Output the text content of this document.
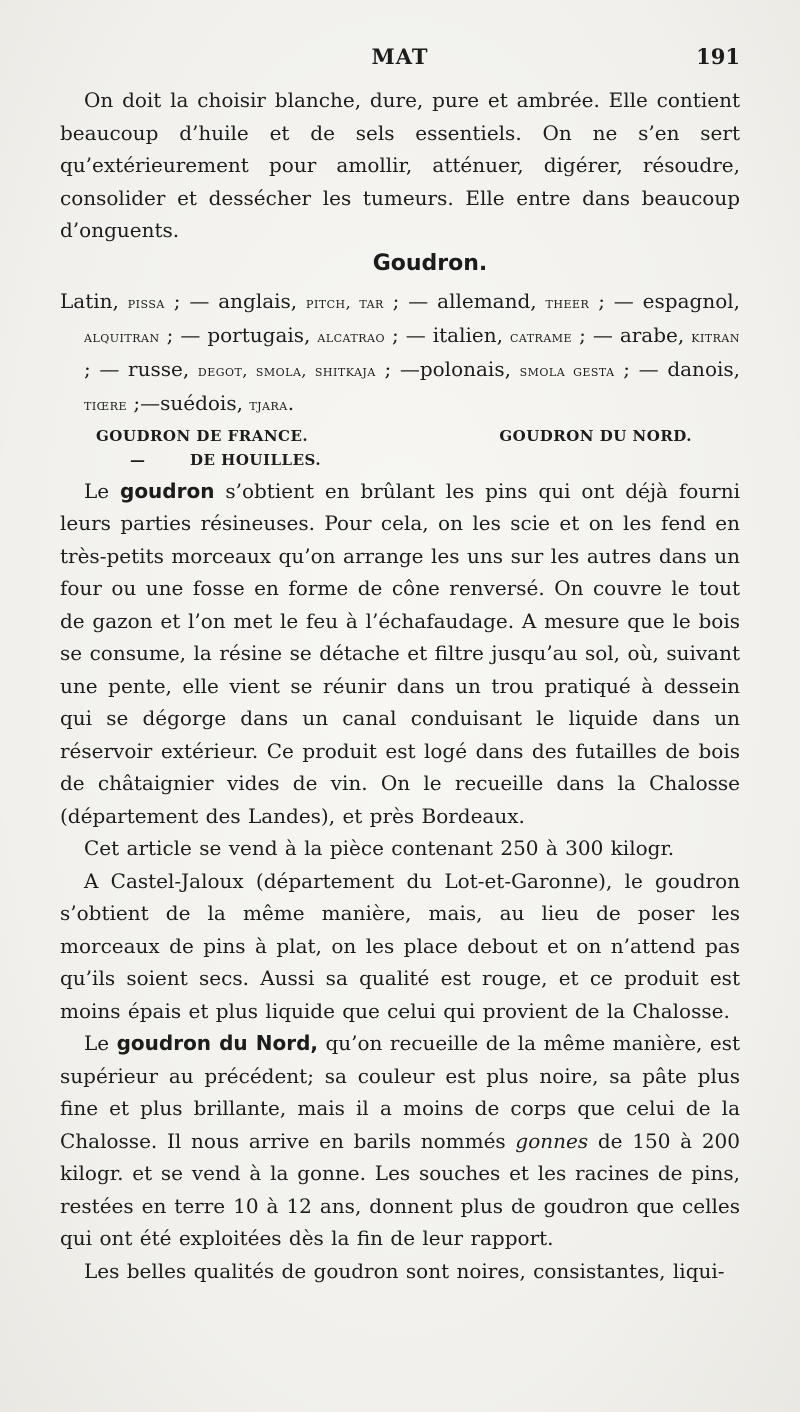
MAT	191

On doit la choisir blanche, dure, pure et ambrée. Elle contient beaucoup d’huile et de sels essentiels. On ne s’en sert qu’extérieurement pour amollir, atténuer, digérer, résoudre, consolider et dessécher les tumeurs. Elle entre dans beaucoup d’onguents.

Goudron.

Latin, pissa ; — anglais, pitch, tar ; — allemand, theer ; — espagnol, alquitran ; — portugais, alcatrao ; — italien, catrame ; — arabe, kitran ; — russe, degot, smola, shitkaja ; —polonais, smola gesta ; — danois, tiœre ;—suédois, tjara.

GOUDRON DE FRANCE.	GOUDRON DU NORD.
—	DE HOUILLES.

Le goudron s’obtient en brûlant les pins qui ont déjà fourni leurs parties résineuses. Pour cela, on les scie et on les fend en très-petits morceaux qu’on arrange les uns sur les autres dans un four ou une fosse en forme de cône renversé. On couvre le tout de gazon et l’on met le feu à l’échafaudage. A mesure que le bois se consume, la résine se détache et filtre jusqu’au sol, où, suivant une pente, elle vient se réunir dans un trou pratiqué à dessein qui se dégorge dans un canal conduisant le liquide dans un réservoir extérieur. Ce produit est logé dans des futailles de bois de châtaignier vides de vin. On le recueille dans la Chalosse (département des Landes), et près Bordeaux.

Cet article se vend à la pièce contenant 250 à 300 kilogr.

A Castel-Jaloux (département du Lot-et-Garonne), le goudron s’obtient de la même manière, mais, au lieu de poser les morceaux de pins à plat, on les place debout et on n’attend pas qu’ils soient secs. Aussi sa qualité est rouge, et ce produit est moins épais et plus liquide que celui qui provient de la Chalosse.

Le goudron du Nord, qu’on recueille de la même manière, est supérieur au précédent; sa couleur est plus noire, sa pâte plus fine et plus brillante, mais il a moins de corps que celui de la Chalosse. Il nous arrive en barils nommés gonnes de 150 à 200 kilogr. et se vend à la gonne. Les souches et les racines de pins, restées en terre 10 à 12 ans, donnent plus de goudron que celles qui ont été exploitées dès la fin de leur rapport.

Les belles qualités de goudron sont noires, consistantes, liqui-
